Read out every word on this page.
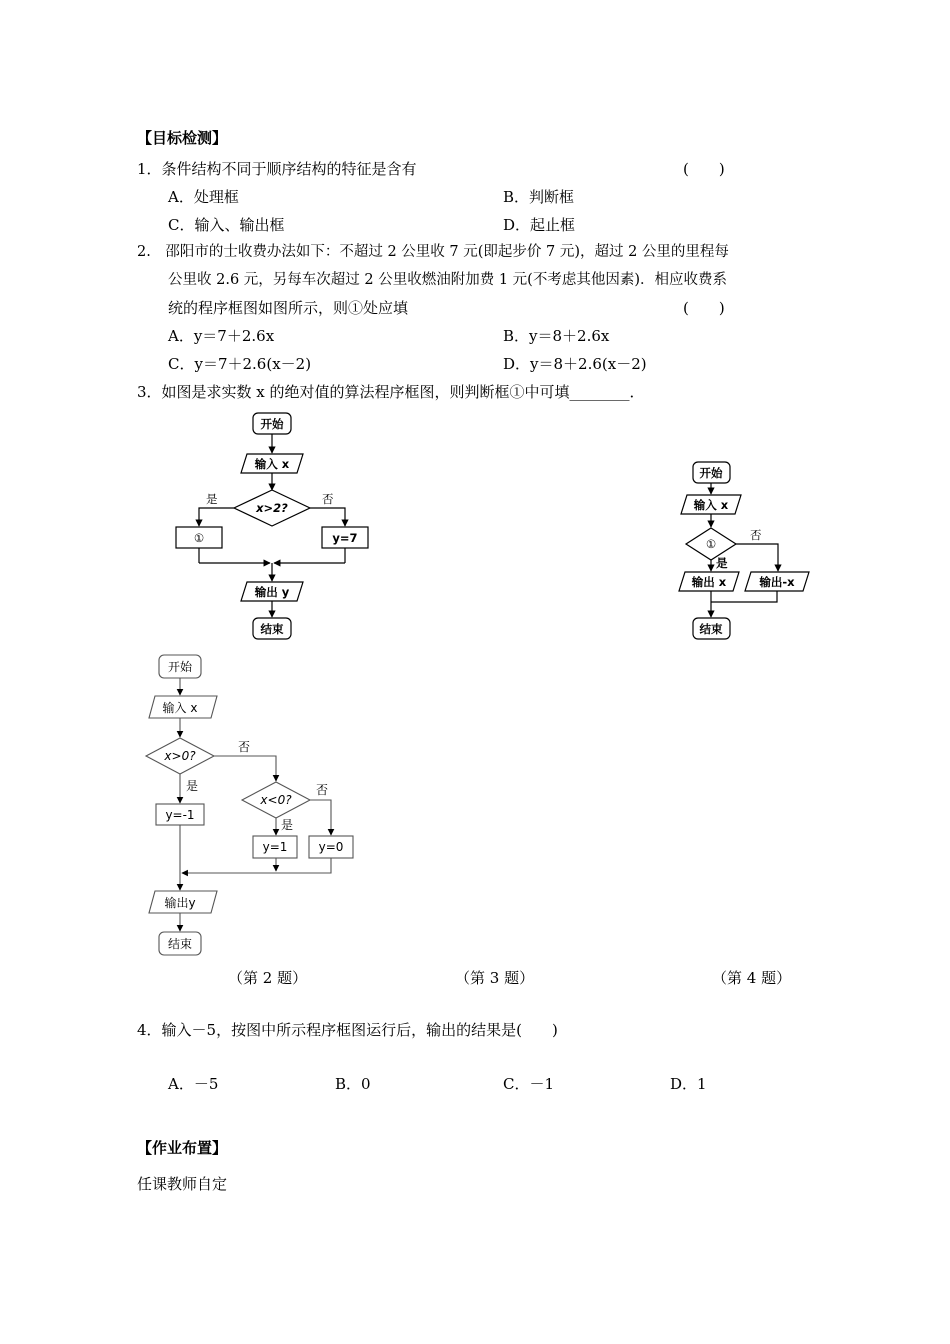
【目标检测】
1．条件结构不同于顺序结构的特征是含有	(　　)
A．处理框	B．判断框
C．输入、输出框	D．起止框
2.　邵阳市的士收费办法如下：不超过 2 公里收 7 元(即起步价 7 元)，超过 2 公里的里程每
公里收 2.6 元，另每车次超过 2 公里收燃油附加费 1 元(不考虑其他因素)．相应收费系
统的程序框图如图所示，则①处应填	(　　)
A．y＝7＋2.6x	B．y＝8＋2.6x
C．y＝7＋2.6(x－2)	D．y＝8＋2.6(x－2)
3．如图是求实数 x 的绝对值的算法程序框图，则判断框①中可填________．
（第 2 题）	（第 3 题）	（第 4 题）
4．输入－5，按图中所示程序框图运行后，输出的结果是(　　)
A．－5	B．0	C．－1	D．1
【作业布置】
任课教师自定
开始
输入 x
x>2?
是	否
①	y=7
输出 y
结束
开始
输入 x
①
否
是
输出 x	输出-x
结束
开始
输入 x
x>0?
否
是
y=-1
x<0?
否
是
y=1	y=0
输出y
结束
